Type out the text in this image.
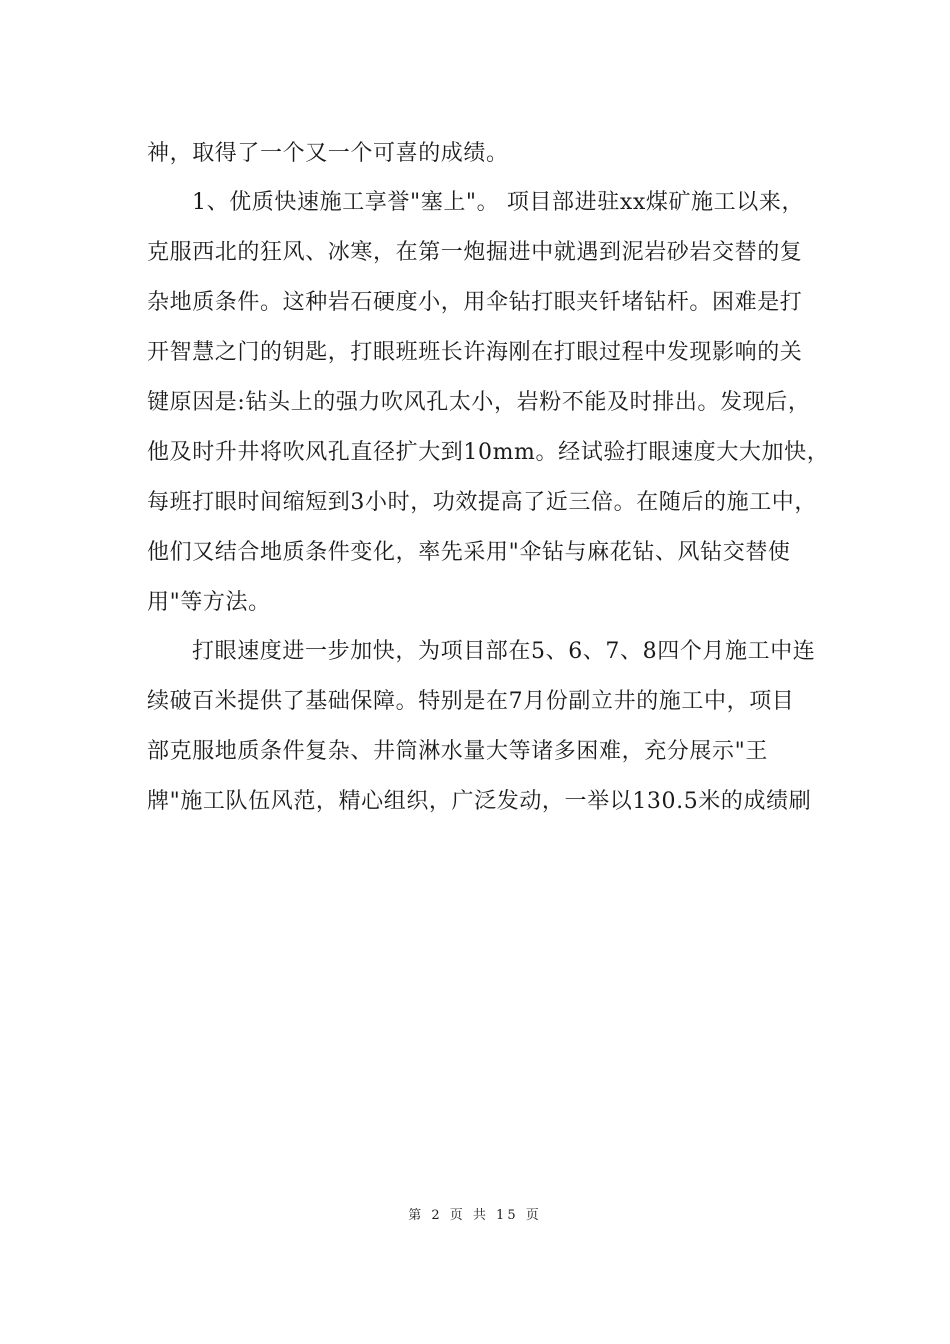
神，取得了一个又一个可喜的成绩。
1、优质快速施工享誉"塞上"。 项目部进驻xx煤矿施工以来，
克服西北的狂风、冰寒，在第一炮掘进中就遇到泥岩砂岩交替的复
杂地质条件。这种岩石硬度小，用伞钻打眼夹钎堵钻杆。困难是打
开智慧之门的钥匙，打眼班班长许海刚在打眼过程中发现影响的关
键原因是:钻头上的强力吹风孔太小，岩粉不能及时排出。发现后，
他及时升井将吹风孔直径扩大到10mm。经试验打眼速度大大加快，
每班打眼时间缩短到3小时，功效提高了近三倍。在随后的施工中，
他们又结合地质条件变化，率先采用"伞钻与麻花钻、风钻交替使
用"等方法。
打眼速度进一步加快，为项目部在5、6、7、8四个月施工中连
续破百米提供了基础保障。特别是在7月份副立井的施工中，项目
部克服地质条件复杂、井筒淋水量大等诸多困难，充分展示"王
牌"施工队伍风范，精心组织，广泛发动，一举以130.5米的成绩刷
第 2 页 共 15 页
